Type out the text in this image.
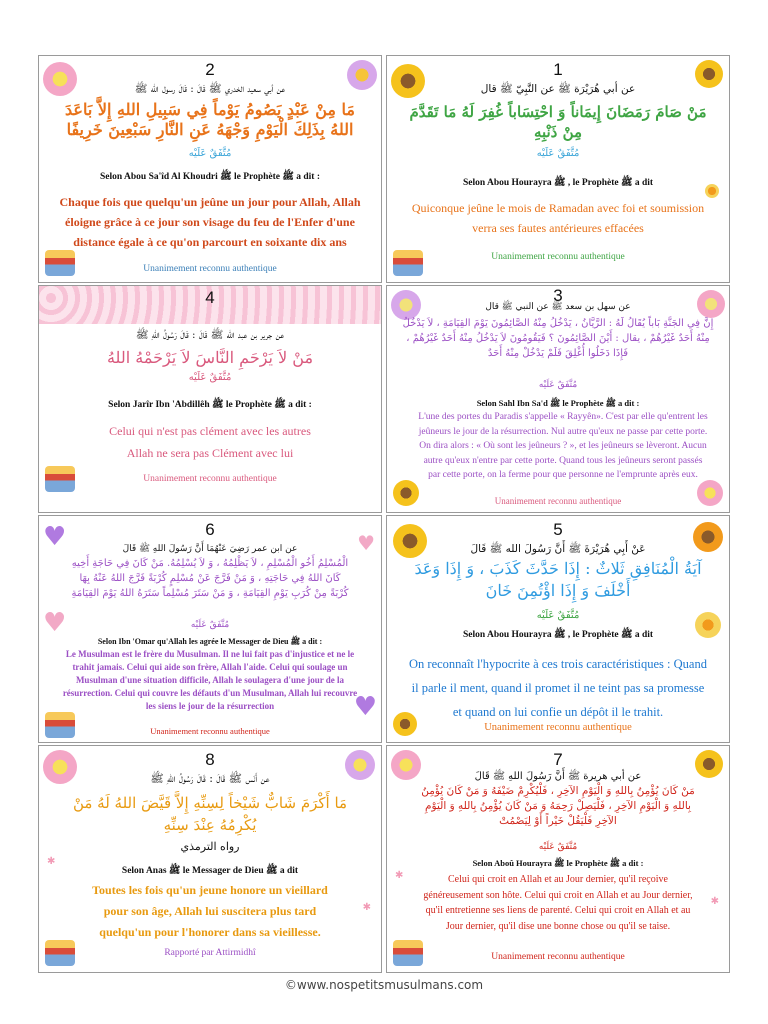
2
عن أبي سعيد الخدري ﷺ قَالَ : قَالَ رسول الله ﷺ
مَا مِنْ عَبْدٍ يَصُومُ يَوْماً فِي سَبِيلِ اللهِ إِلاَّ بَاعَدَ اللهُ بِذَلِكَ الْيَوْمِ وَجْهَهُ عَنِ النَّارِ سَبْعِينَ خَرِيفًا
مُتَّفَقٌ عَلَيْه
Selon Abou Sa'îd Al Khoudri ﷺ le Prophète ﷺ a dit :
Chaque fois que quelqu'un jeûne un jour pour Allah, Allah éloigne grâce à ce jour son visage du feu de l'Enfer d'une distance égale à ce qu'on parcourt en soixante dix ans
Unanimement reconnu authentique
1
عن أبي هُرَيْرَة ﷺ عن النَّبِيّ ﷺ قال
مَنْ صَامَ رَمَضَانَ إِيمَاناً وَ احْتِسَاباً غُفِرَ لَهُ مَا تَقَدَّمَ مِنْ ذَنْبِهِ
مُتَّفَقٌ عَلَيْه
Selon Abou Hourayra ﷺ , le Prophète ﷺ a dit
Quiconque jeûne le mois de Ramadan avec foi et soumission verra ses fautes antérieures effacées
Unanimement reconnu authentique
4
عن جرير بن عبد الله ﷺ قَالَ : قَالَ رَسُولُ اللهِ ﷺ
مَنْ لاَ يَرْحَمِ النَّاسَ لاَ يَرْحَمْهُ اللهُ
مُتَّفَقٌ عَلَيْه
Selon Jarîr Ibn 'Abdillêh ﷺ le Prophète ﷺ a dit :
Celui qui n'est pas clément avec les autres Allah ne sera pas Clément avec lui
Unanimement reconnu authentique
3
عن سهل بن سعد ﷺ عن النبي ﷺ قال
إِنَّ فِي الجَنَّةِ بَاباً يُقَالُ لَهُ : الرَّيَّانُ ، يَدْخُلُ مِنْهُ الصَّائِمُونَ يَوْمَ القِيَامَةِ ، لاَ يَدْخُلُ مِنْهُ أَحَدٌ غَيْرُهُمْ ، يقال : أَيْنَ الصَّائِمُونَ ؟ فَيَقُومُونَ لاَ يَدْخُلُ مِنْهُ أَحَدٌ غَيْرُهُمْ ، فَإِذَا دَخَلُوا أُغْلِقَ فَلَمْ يَدْخُلْ مِنْهُ أَحَدٌ
مُتَّفَقٌ عَلَيْه
Selon Sahl Ibn Sa'd ﷺ le Prophète ﷺ a dit :
L'une des portes du Paradis s'appelle « Rayyên». C'est par elle qu'entrent les jeûneurs le jour de la résurrection. Nul autre qu'eux ne passe par cette porte. On dira alors : « Où sont les jeûneurs ? », et les jeûneurs se lèveront. Aucun autre qu'eux n'entre par cette porte. Quand tous les jeûneurs seront passés par cette porte, on la ferme pour que personne ne l'emprunte après eux.
Unanimement reconnu authentique
♥	♥
♥
♥
6
عن ابن عمر رَضِيَ عَنْهُمَا أَنَّ رَسُولَ اللهِ ﷺ قَالَ
الْمُسْلِمُ أَخُو الْمُسْلِمِ ، لاَ يَظْلِمُهُ ، وَ لاَ يُسْلِمُهُ. مَنْ كَانَ فِي حَاجَةِ أَخِيهِ كَانَ اللهُ فِي حَاجَتِهِ ، وَ مَنْ فَرَّجَ عَنْ مُسْلِمٍ كُرْبَةً فَرَّجَ اللهُ عَنْهُ بِهَا كُرْبَةً مِنْ كُرَبِ يَوْمِ القِيَامَةِ ، وَ مَنْ سَتَرَ مُسْلِماً سَتَرَهُ اللهُ يَوْمَ القِيَامَةِ
مُتَّفَقٌ عَلَيْه
Selon Ibn 'Omar qu'Allah les agrée le Messager de Dieu ﷺ a dit :
Le Musulman est le frère du Musulman. Il ne lui fait pas d'injustice et ne le trahit jamais. Celui qui aide son frère, Allah l'aide. Celui qui soulage un Musulman d'une situation difficile, Allah le soulagera d'une jour de la résurrection. Celui qui couvre les défauts d'un Musulman, Allah lui recouvre les siens le jour de la résurrection
Unanimement reconnu authentique
5
عَنْ أَبِي هُرَيْرَةَ ﷺ أَنَّ رَسُولَ الله ﷺ قَالَ
آيَةُ الْمُنَافِقِ ثَلاثٌ : إِذَا حَدَّثَ كَذَبَ ، وَ إِذَا وَعَدَ أَخْلَفَ وَ إِذَا اؤْتُمِنَ خَانَ
مُتَّفَقٌ عَلَيْه
Selon Abou Hourayra ﷺ , le Prophète ﷺ a dit
On reconnaît l'hypocrite à ces trois caractéristiques : Quand il parle il ment, quand il promet il ne teint pas sa promesse et quand on lui confie un dépôt il le trahit.
Unanimement reconnu authentique
✱
✱
8
عن أَنَس ﷺ قَالَ : قَالَ رَسُولُ اللهِ ﷺ
مَا أَكْرَمَ شَابٌّ شَيْخاً لِسِنِّهِ إِلاَّ قَيَّضَ اللهُ لَهُ مَنْ يُكْرِمُهُ عِنْدَ سِنِّهِ
رواه الترمذي
Selon Anas ﷺ le Messager de Dieu ﷺ a dit
Toutes les fois qu'un jeune honore un vieillard pour son âge, Allah lui suscitera plus tard quelqu'un pour l'honorer dans sa vieillesse.
Rapporté par Attirmidhî
✱
✱
7
عن أبي هريرة ﷺ أَنَّ رَسُولَ اللهِ ﷺ قَالَ
مَنْ كَانَ يُؤْمِنُ بِاللهِ وَ الْيَوْمِ الآخِرِ ، فَلْيُكْرِمْ ضَيْفَهُ وَ مَنْ كَانَ يُؤْمِنُ بِاللهِ وَ الْيَوْمِ الآخِرِ ، فَلْيَصِلْ رَحِمَهُ وَ مَنْ كَانَ يُؤْمِنُ بِاللهِ وَ الْيَوْمِ الآخِرِ فَلْيَقُلْ خَيْراً أَوْ لِيَصْمُتْ
مُتَّفَقٌ عَلَيْه
Selon Aboû Hourayra ﷺ le Prophète ﷺ a dit :
Celui qui croit en Allah et au Jour dernier, qu'il reçoive généreusement son hôte. Celui qui croit en Allah et au Jour dernier, qu'il entretienne ses liens de parenté. Celui qui croit en Allah et au Jour dernier, qu'il dise une bonne chose ou qu'il se taise.
Unanimement reconnu authentique
©www.nospetitsmusulmans.com
